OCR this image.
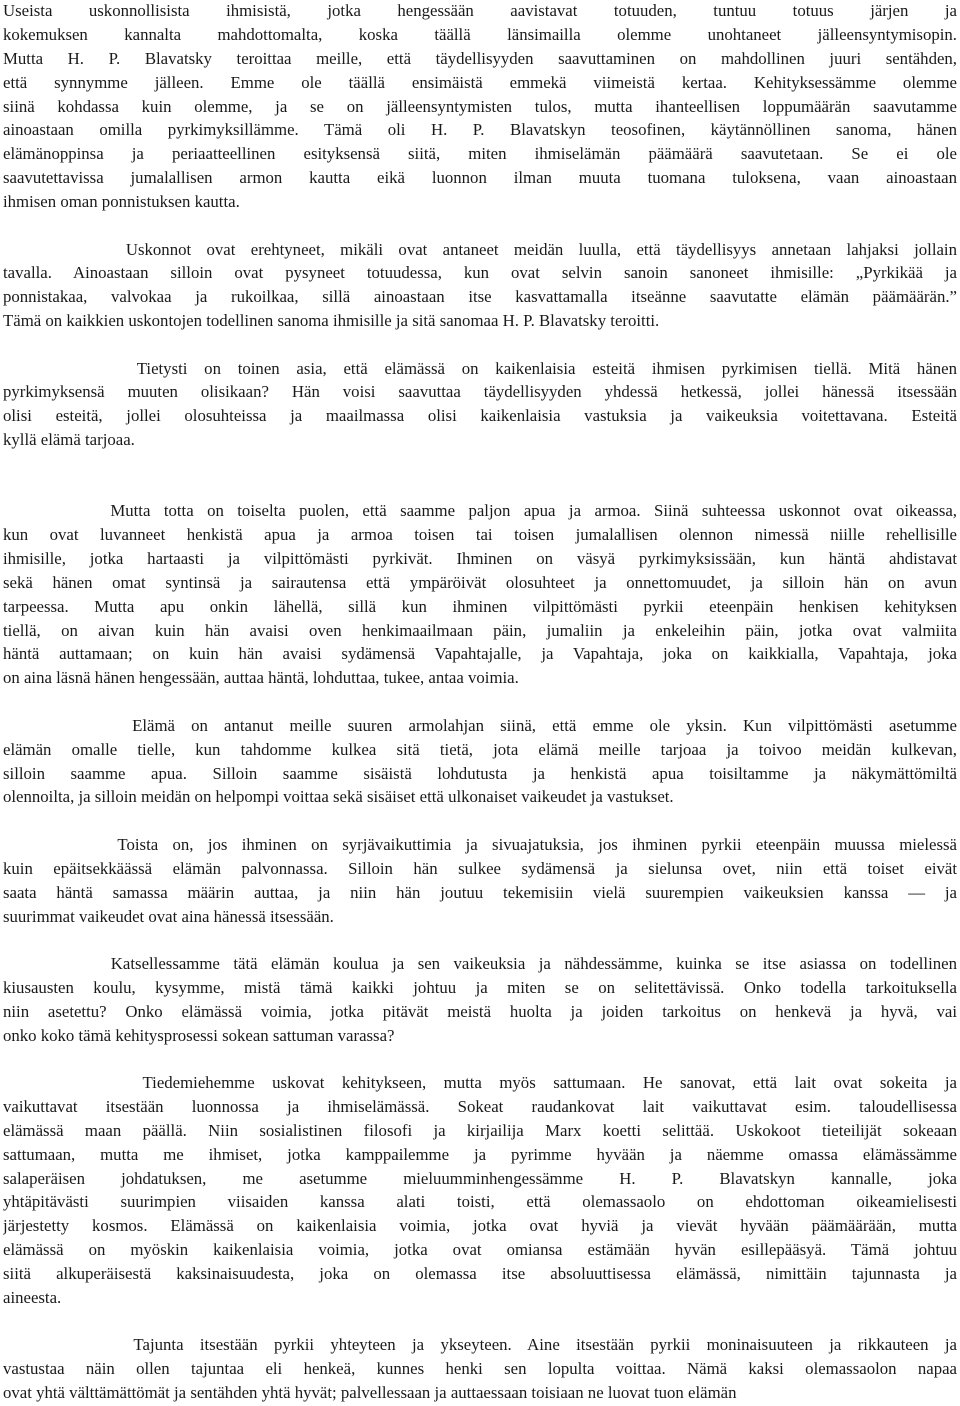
Useista uskonnollisista ihmisistä, jotka hengessään aavistavat totuuden, tuntuu totuus järjen ja
kokemuksen kannalta mahdottomalta, koska täällä länsimailla olemme unohtaneet jälleensyntymisopin.
Mutta H. P. Blavatsky teroittaa meille, että täydellisyyden saavuttaminen on mahdollinen juuri sentähden,
että synnymme jälleen. Emme ole täällä ensimäistä emmekä viimeistä kertaa. Kehityksessämme olemme
siinä kohdassa kuin olemme, ja se on jälleensyntymisten tulos, mutta ihanteellisen loppumäärän saavutamme
ainoastaan omilla pyrkimyksillämme. Tämä oli H. P. Blavatskyn teosofinen, käytännöllinen sanoma, hänen
elämänoppinsa ja periaatteellinen esityksensä siitä, miten ihmiselämän päämäärä saavutetaan. Se ei ole
saavutettavissa jumalallisen armon kautta eikä luonnon ilman muuta tuomana tuloksena, vaan ainoastaan
ihmisen oman ponnistuksen kautta.
Uskonnot ovat erehtyneet, mikäli ovat antaneet meidän luulla, että täydellisyys annetaan lahjaksi jollain
tavalla. Ainoastaan silloin ovat pysyneet totuudessa, kun ovat selvin sanoin sanoneet ihmisille: „Pyrkikää ja
ponnistakaa, valvokaa ja rukoilkaa, sillä ainoastaan itse kasvattamalla itseänne saavutatte elämän päämäärän.”
Tämä on kaikkien uskontojen todellinen sanoma ihmisille ja sitä sanomaa H. P. Blavatsky teroitti.
Tietysti on toinen asia, että elämässä on kaikenlaisia esteitä ihmisen pyrkimisen tiellä. Mitä hänen
pyrkimyksensä muuten olisikaan? Hän voisi saavuttaa täydellisyyden yhdessä hetkessä, jollei hänessä itsessään
olisi esteitä, jollei olosuhteissa ja maailmassa olisi kaikenlaisia vastuksia ja vaikeuksia voitettavana. Esteitä
kyllä elämä tarjoaa.
Mutta totta on toiselta puolen, että saamme paljon apua ja armoa. Siinä suhteessa uskonnot ovat oikeassa,
kun ovat luvanneet henkistä apua ja armoa toisen tai toisen jumalallisen olennon nimessä niille rehellisille
ihmisille, jotka hartaasti ja vilpittömästi pyrkivät. Ihminen on väsyä pyrkimyksissään, kun häntä ahdistavat
sekä hänen omat syntinsä ja sairautensa että ympäröivät olosuhteet ja onnettomuudet, ja silloin hän on avun
tarpeessa. Mutta apu onkin lähellä, sillä kun ihminen vilpittömästi pyrkii eteenpäin henkisen kehityksen
tiellä, on aivan kuin hän avaisi oven henkimaailmaan päin, jumaliin ja enkeleihin päin, jotka ovat valmiita
häntä auttamaan; on kuin hän avaisi sydämensä Vapahtajalle, ja Vapahtaja, joka on kaikkialla, Vapahtaja, joka
on aina läsnä hänen hengessään, auttaa häntä, lohduttaa, tukee, antaa voimia.
Elämä on antanut meille suuren armolahjan siinä, että emme ole yksin. Kun vilpittömästi asetumme
elämän omalle tielle, kun tahdomme kulkea sitä tietä, jota elämä meille tarjoaa ja toivoo meidän kulkevan,
silloin saamme apua. Silloin saamme sisäistä lohdutusta ja henkistä apua toisiltamme ja näkymättömiltä
olennoilta, ja silloin meidän on helpompi voittaa sekä sisäiset että ulkonaiset vaikeudet ja vastukset.
Toista on, jos ihminen on syrjävaikuttimia ja sivuajatuksia, jos ihminen pyrkii eteenpäin muussa mielessä
kuin epäitsekkäässä elämän palvonnassa. Silloin hän sulkee sydämensä ja sielunsa ovet, niin että toiset eivät
saata häntä samassa määrin auttaa, ja niin hän joutuu tekemisiin vielä suurempien vaikeuksien kanssa — ja
suurimmat vaikeudet ovat aina hänessä itsessään.
Katsellessamme tätä elämän koulua ja sen vaikeuksia ja nähdessämme, kuinka se itse asiassa on todellinen
kiusausten koulu, kysymme, mistä tämä kaikki johtuu ja miten se on selitettävissä. Onko todella tarkoituksella
niin asetettu? Onko elämässä voimia, jotka pitävät meistä huolta ja joiden tarkoitus on henkevä ja hyvä, vai
onko koko tämä kehitysprosessi sokean sattuman varassa?
Tiedemiehemme uskovat kehitykseen, mutta myös sattumaan. He sanovat, että lait ovat sokeita ja
vaikuttavat itsestään luonnossa ja ihmiselämässä. Sokeat raudankovat lait vaikuttavat esim. taloudellisessa
elämässä maan päällä. Niin sosialistinen filosofi ja kirjailija Marx koetti selittää. Uskokoot tieteilijät sokeaan
sattumaan, mutta me ihmiset, jotka kamppailemme ja pyrimme hyvään ja näemme omassa elämässämme
salaperäisen johdatuksen, me asetumme mieluumminhengessämme H. P. Blavatskyn kannalle, joka
yhtäpitävästi suurimpien viisaiden kanssa alati toisti, että olemassaolo on ehdottoman oikeamielisesti
järjestetty kosmos. Elämässä on kaikenlaisia voimia, jotka ovat hyviä ja vievät hyvään päämäärään, mutta
elämässä on myöskin kaikenlaisia voimia, jotka ovat omiansa estämään hyvän esillepääsyä. Tämä johtuu
siitä alkuperäisestä kaksinaisuudesta, joka on olemassa itse absoluuttisessa elämässä, nimittäin tajunnasta ja
aineesta.
Tajunta itsestään pyrkii yhteyteen ja ykseyteen. Aine itsestään pyrkii moninaisuuteen ja rikkauteen ja
vastustaa näin ollen tajuntaa eli henkeä, kunnes henki sen lopulta voittaa. Nämä kaksi olemassaolon napaa
ovat yhtä välttämättömät ja sentähden yhtä hyvät; palvellessaan ja auttaessaan toisiaan ne luovat tuon elämän
